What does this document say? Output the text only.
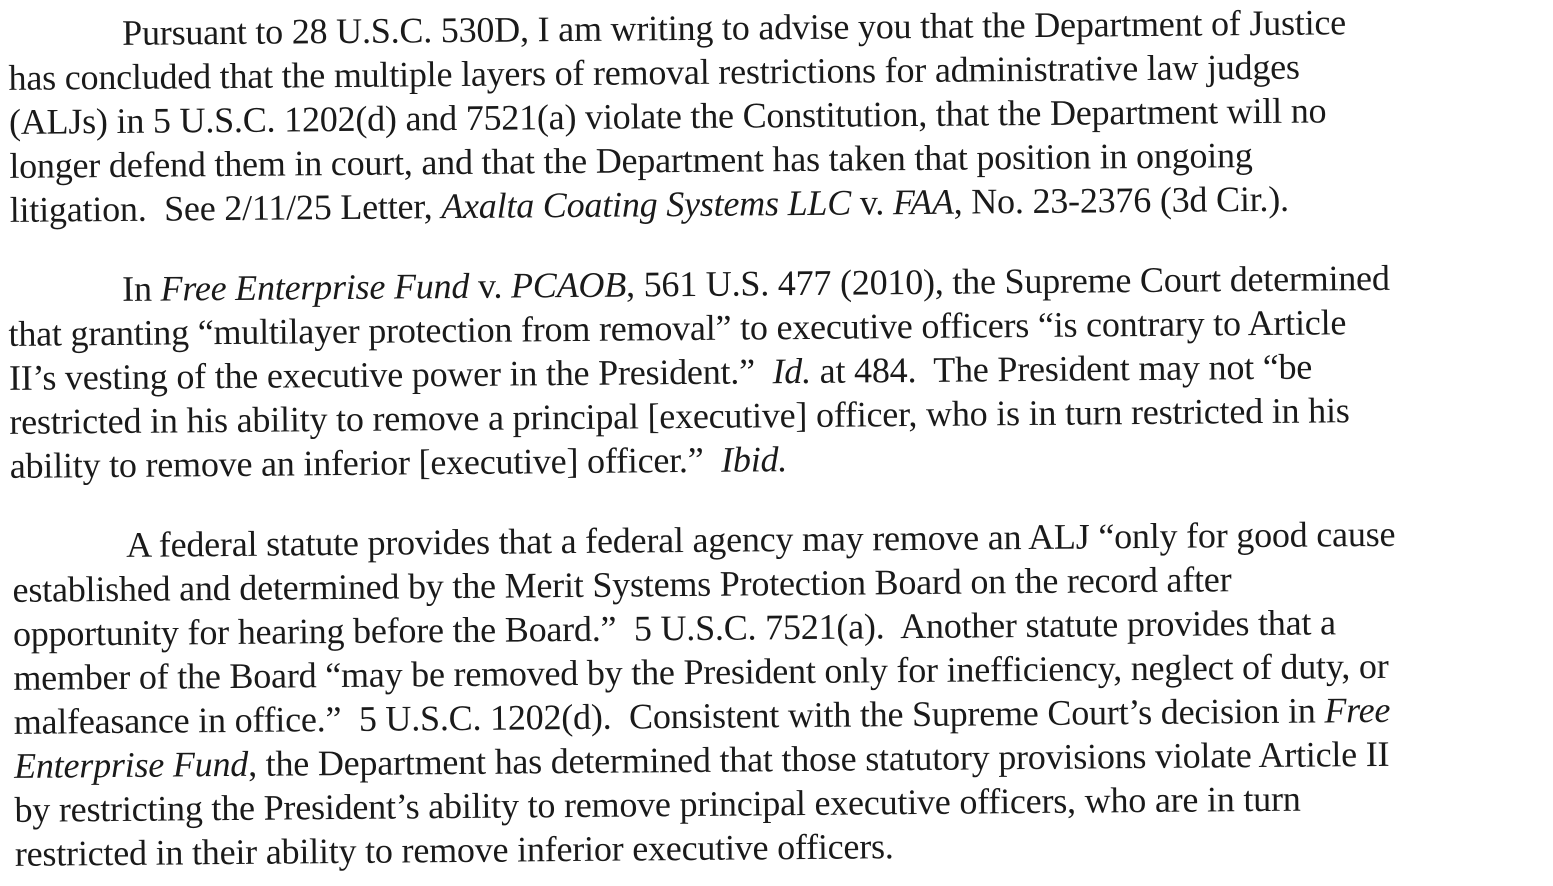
Pursuant to 28 U.S.C. 530D, I am writing to advise you that the Department of Justice
has concluded that the multiple layers of removal restrictions for administrative law judges
(ALJs) in 5 U.S.C. 1202(d) and 7521(a) violate the Constitution, that the Department will no
longer defend them in court, and that the Department has taken that position in ongoing
litigation.  See 2/11/25 Letter, Axalta Coating Systems LLC v. FAA, No. 23-2376 (3d Cir.).
In Free Enterprise Fund v. PCAOB, 561 U.S. 477 (2010), the Supreme Court determined
that granting “multilayer protection from removal” to executive officers “is contrary to Article
II’s vesting of the executive power in the President.”  Id. at 484.  The President may not “be
restricted in his ability to remove a principal [executive] officer, who is in turn restricted in his
ability to remove an inferior [executive] officer.”  Ibid.
A federal statute provides that a federal agency may remove an ALJ “only for good cause
established and determined by the Merit Systems Protection Board on the record after
opportunity for hearing before the Board.”  5 U.S.C. 7521(a).  Another statute provides that a
member of the Board “may be removed by the President only for inefficiency, neglect of duty, or
malfeasance in office.”  5 U.S.C. 1202(d).  Consistent with the Supreme Court’s decision in Free
Enterprise Fund, the Department has determined that those statutory provisions violate Article II
by restricting the President’s ability to remove principal executive officers, who are in turn
restricted in their ability to remove inferior executive officers.
